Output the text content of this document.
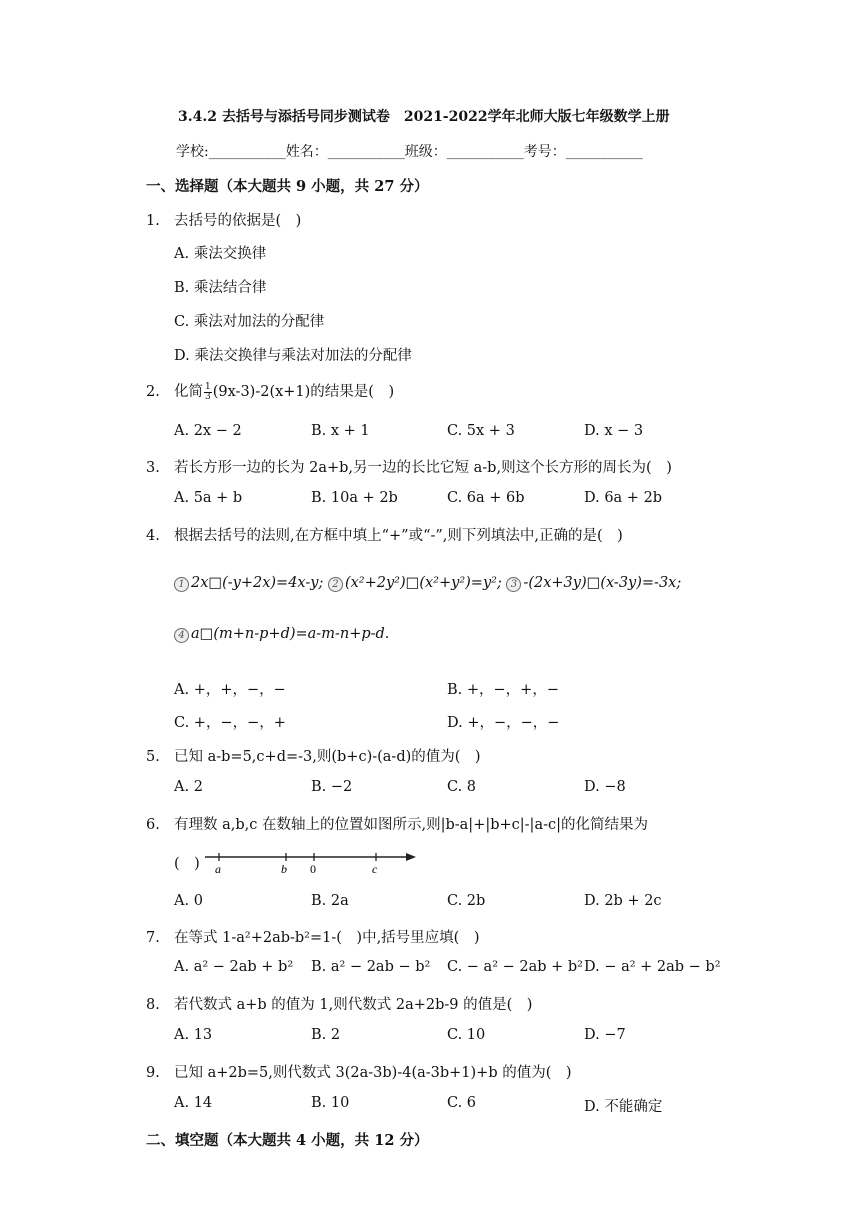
3.4.2 去括号与添括号同步测试卷　2021-2022学年北师大版七年级数学上册
学校:___________姓名：___________班级：___________考号：___________
一、选择题（本大题共 9 小题，共 27 分）
1. 去括号的依据是(　)
A. 乘法交换律
B. 乘法结合律
C. 乘法对加法的分配律
D. 乘法交换律与乘法对加法的分配律
2. 化简 $\frac{1}{3} (9x-3)-2(x+1)$的结果是(　)
A. 2x − 2	B. x + 1	C. 5x + 3	D. x − 3
3. 若长方形一边的长为 2a+b,另一边的长比它短 a-b,则这个长方形的周长为(　)
A. 5a + b	B. 10a + 2b	C. 6a + 6b	D. 6a + 2b
4. 根据去括号的法则,在方框中填上“+”或“-”,则下列填法中,正确的是(　)
1 2x□(-y+2x)=4x-y; 2 (x²+2y²)□(x²+y²)=y²; 3 -(2x+3y)□(x-3y)=-3x;
4 a□(m+n-p+d)=a-m-n+p-d.
A. +，+，−，−	B. +，−，+，−
C. +，−，−，+	D. +，−，−，−
5. 已知 a-b=5,c+d=-3,则(b+c)-(a-d)的值为(　)
A. 2	B. −2	C. 8	D. −8
6. 有理数 a,b,c 在数轴上的位置如图所示,则|b-a|+|b+c|-|a-c|的化简结果为
(　) a	b 0	c
A. 0	B. 2a	C. 2b	D. 2b + 2c
7. 在等式 1-a²+2ab-b²=1-(　)中,括号里应填(　)
A. a² − 2ab + b² B. a² − 2ab − b² C. − a² − 2ab + b² D. − a² + 2ab − b²
8. 若代数式 a+b 的值为 1,则代数式 2a+2b-9 的值是(　)
A. 13	B. 2	C. 10	D. −7
9. 已知 a+2b=5,则代数式 3(2a-3b)-4(a-3b+1)+b 的值为(　)
A. 14	B. 10	C. 6	D. 不能确定
二、填空题（本大题共 4 小题，共 12 分）
